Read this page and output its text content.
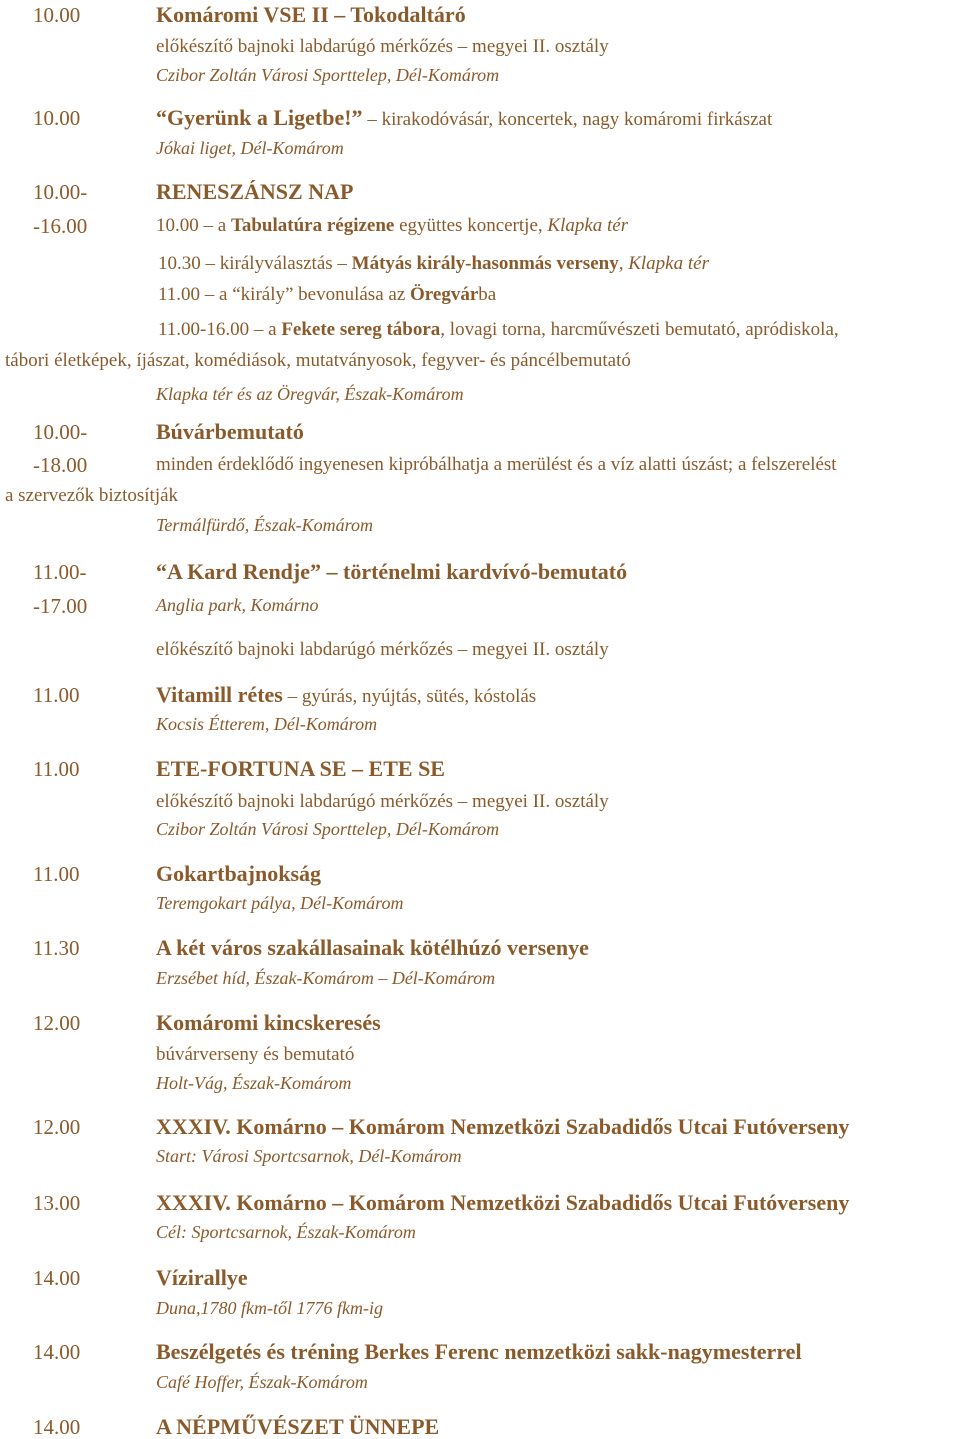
10.00	Komáromi VSE II – Tokodaltáró
előkészítő bajnoki labdarúgó mérkőzés – megyei II. osztály
Czibor Zoltán Városi Sporttelep, Dél-Komárom
10.00	“Gyerünk a Ligetbe!” – kirakodóvásár, koncertek, nagy komáromi firkászat
Jókai liget, Dél-Komárom
10.00-	RENESZÁNSZ NAP
-16.00	10.00 – a Tabulatúra régizene együttes koncertje, Klapka tér
10.30 – királyválasztás – Mátyás király-hasonmás verseny, Klapka tér
11.00 – a “király” bevonulása az Öregvárba
11.00-16.00 – a Fekete sereg tábora, lovagi torna, harcművészeti bemutató, apródiskola,
tábori életképek, íjászat, komédiások, mutatványosok, fegyver- és páncélbemutató
Klapka tér és az Öregvár, Észak-Komárom
10.00-	Búvárbemutató
-18.00	minden érdeklődő ingyenesen kipróbálhatja a merülést és a víz alatti úszást; a felszerelést
a szervezők biztosítják
Termálfürdő, Észak-Komárom
11.00-	“A Kard Rendje” – történelmi kardvívó-bemutató
-17.00	Anglia park, Komárno
előkészítő bajnoki labdarúgó mérkőzés – megyei II. osztály
11.00	Vitamill rétes – gyúrás, nyújtás, sütés, kóstolás
Kocsis Étterem, Dél-Komárom
11.00	ETE-FORTUNA SE – ETE SE
előkészítő bajnoki labdarúgó mérkőzés – megyei II. osztály
Czibor Zoltán Városi Sporttelep, Dél-Komárom
11.00	Gokartbajnokság
Teremgokart pálya, Dél-Komárom
11.30	A két város szakállasainak kötélhúzó versenye
Erzsébet híd, Észak-Komárom – Dél-Komárom
12.00	Komáromi kincskeresés
búvárverseny és bemutató
Holt-Vág, Észak-Komárom
12.00	XXXIV. Komárno – Komárom Nemzetközi Szabadidős Utcai Futóverseny
Start: Városi Sportcsarnok, Dél-Komárom
13.00	XXXIV. Komárno – Komárom Nemzetközi Szabadidős Utcai Futóverseny
Cél: Sportcsarnok, Észak-Komárom
14.00	Vízirallye
Duna,1780 fkm-től 1776 fkm-ig
14.00	Beszélgetés és tréning Berkes Ferenc nemzetközi sakk-nagymesterrel
Café Hoffer, Észak-Komárom
14.00	A NÉPMŰVÉSZET ÜNNEPE
